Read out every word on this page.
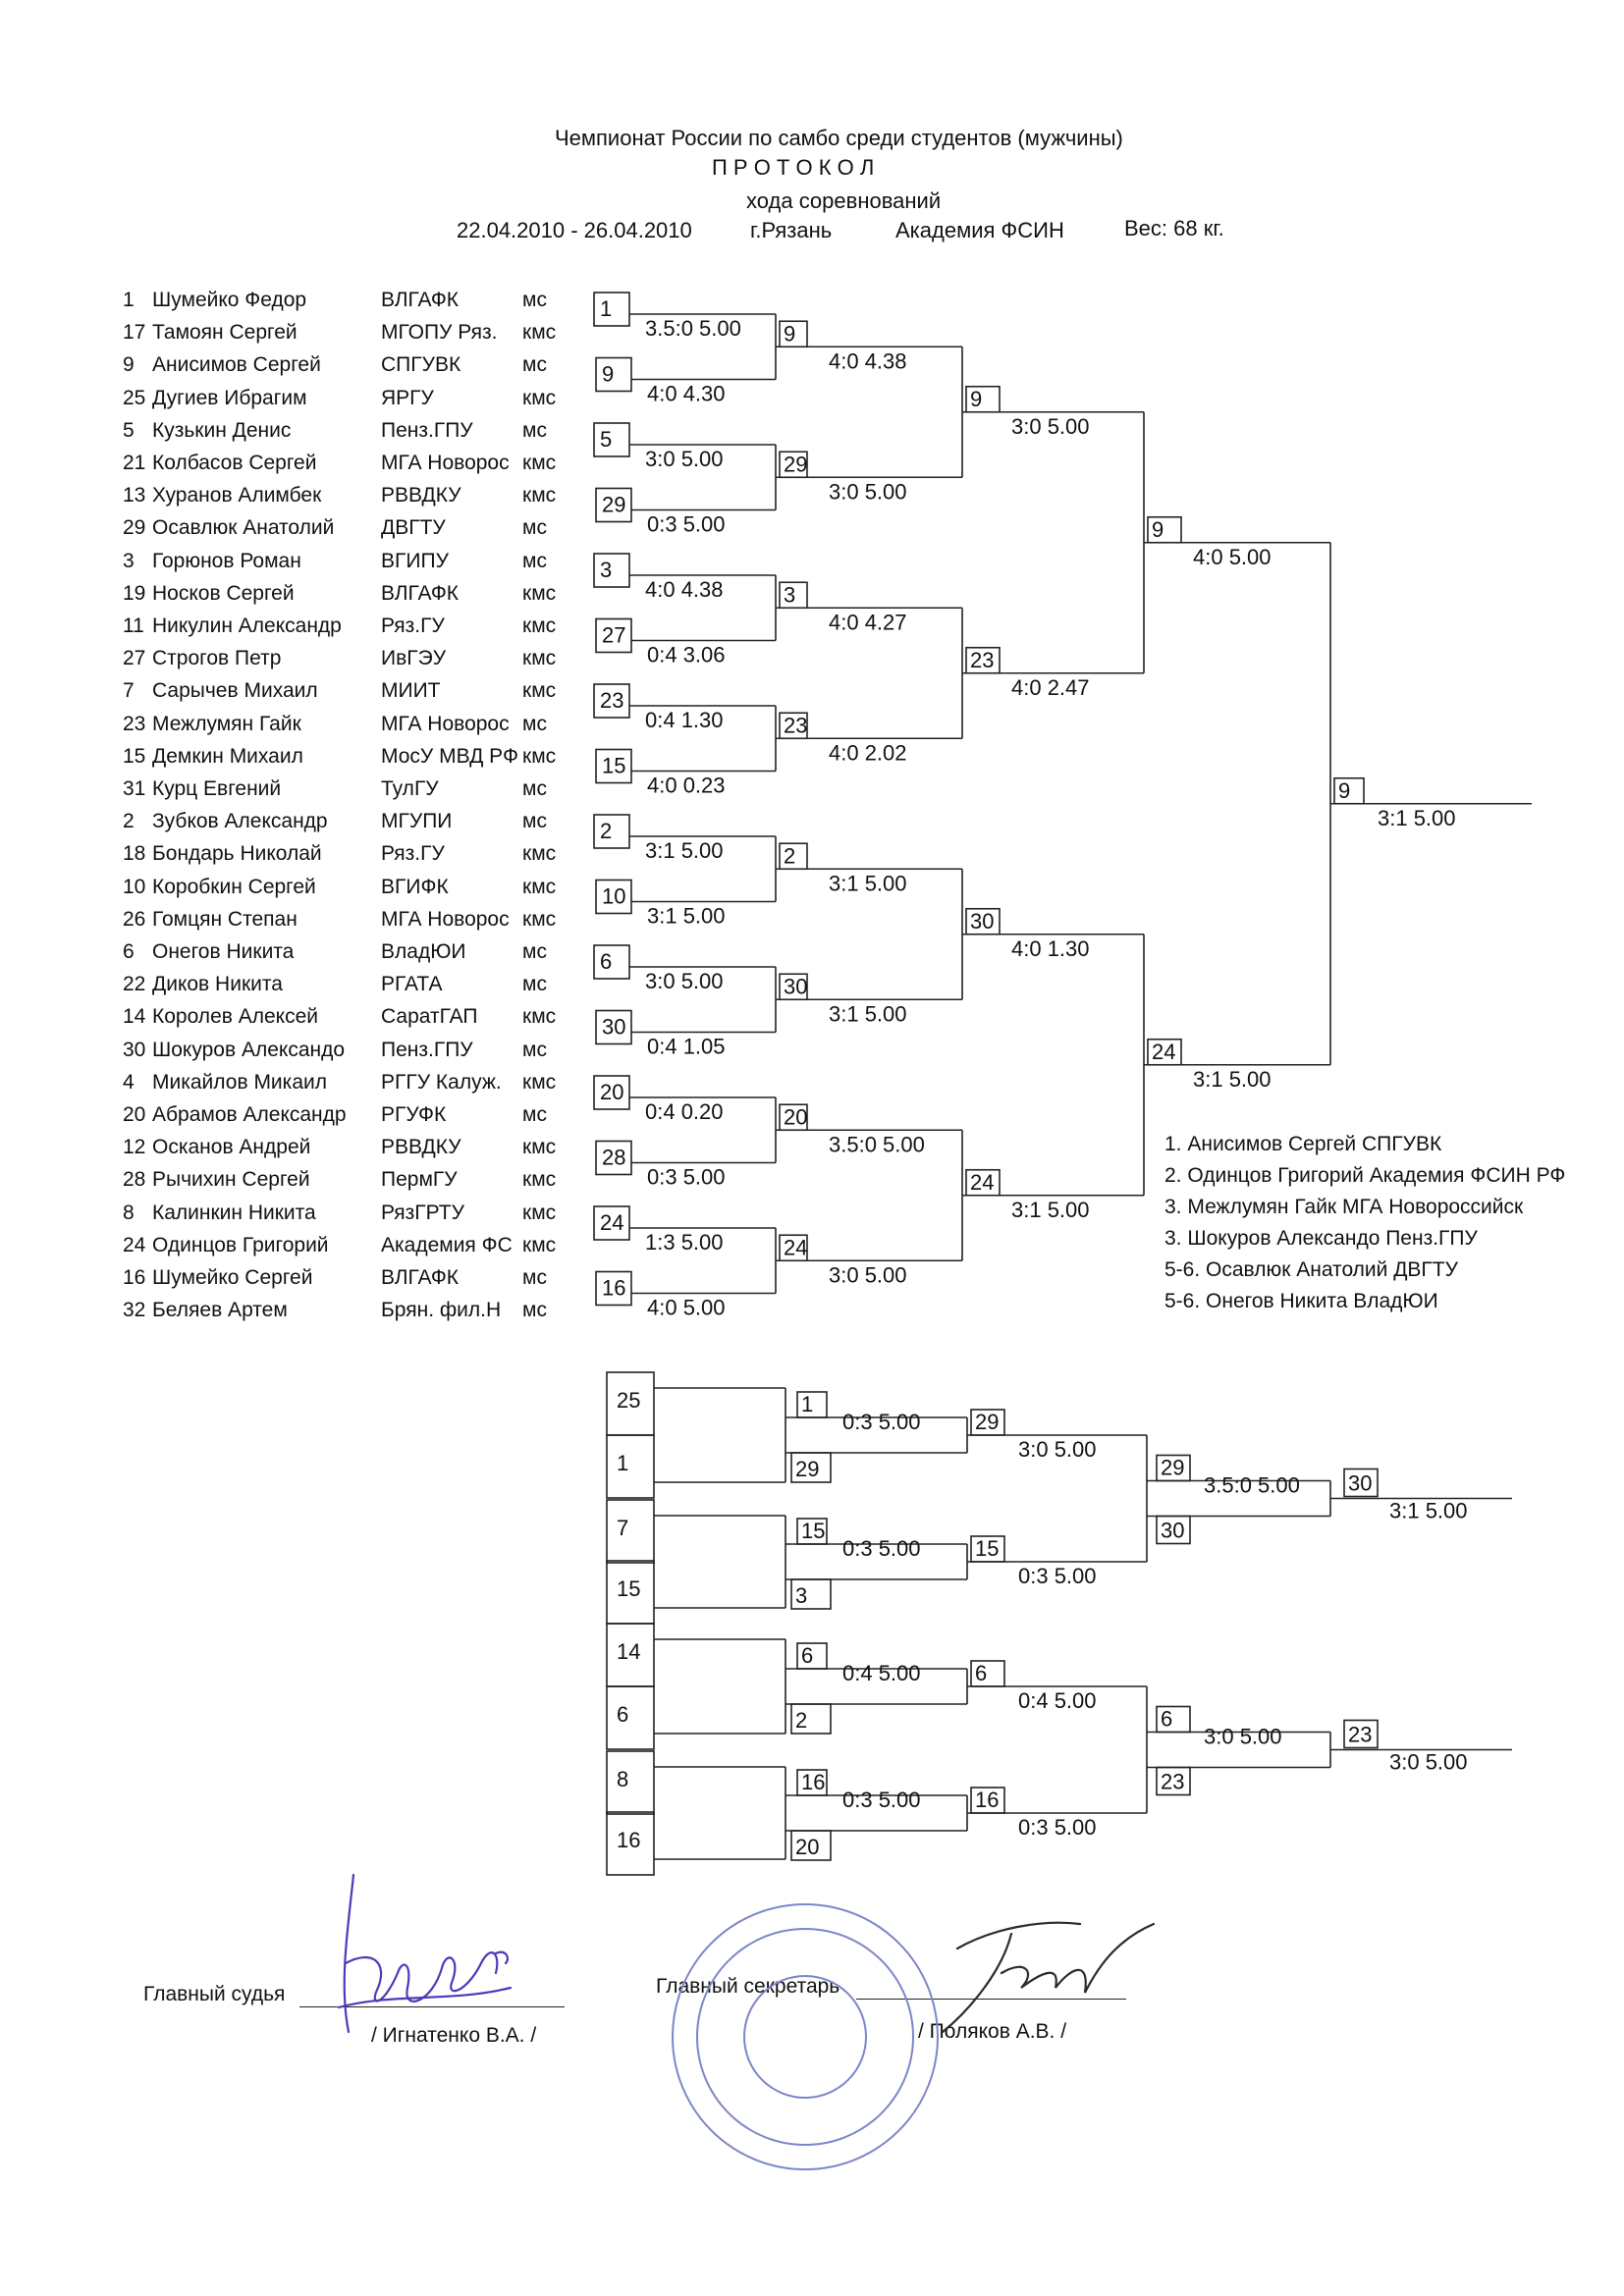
Чемпионат России по самбо среди студентов (мужчины)
П Р О Т О К О Л
хода соревнований
22.04.2010 - 26.04.2010	г.Рязань	Академия ФСИН	Вес: 68 кг.
1 Шумейко Федор	ВЛГАФК	мс
17 Тамоян Сергей	МГОПУ Ряз. кмс
9 Анисимов Сергей	СПГУВК	мс
25 Дугиев Ибрагим	ЯРГУ	кмс
5 Кузькин Денис	Пенз.ГПУ мс
21 Колбасов Сергей	МГА Новорос кмс
13 Хуранов Алимбек	РВВДКУ	кмс
29 Осавлюк Анатолий ДВГТУ	мс
3 Горюнов Роман	ВГИПУ	мс
19 Носков Сергей	ВЛГАФК	кмс
11 Никулин Александр Ряз.ГУ	кмс
27 Строгов Петр	ИвГЭУ	кмс
7 Сарычев Михаил	МИИТ	кмс
23 Межлумян Гайк	МГА Новорос мс
15 Демкин Михаил	МосУ МВД РФ кмс
31 Курц Евгений	ТулГУ	мс
2 Зубков Александр	МГУПИ	мс
18 Бондарь Николай	Ряз.ГУ	кмс
10 Коробкин Сергей	ВГИФК	кмс
26 Гомцян Степан	МГА Новорос кмс
6 Онегов Никита	ВладЮИ	мс
22 Диков Никита	РГАТА	мс
14 Королев Алексей	СаратГАП кмс
30 Шокуров Александо Пенз.ГПУ мс
4 Микайлов Микаил	РГГУ Калуж. кмс
20 Абрамов Александр РГУФК	мс
12 Осканов Андрей	РВВДКУ	кмс
28 Рычихин Сергей	ПермГУ	кмс
8 Калинкин Никита	РязГРТУ	кмс
24 Одинцов Григорий	Академия ФС кмс
16 Шумейко Сергей	ВЛГАФК	мс
32 Беляев Артем	Брян. фил.Н мс
1
3.5:0 5.00
9
4:0 4.30
5
3:0 5.00
29
0:3 5.00
3
4:0 4.38
27
0:4 3.06
23
0:4 1.30
15
4:0 0.23
2
3:1 5.00
10
3:1 5.00
6
3:0 5.00
30
0:4 1.05
20
0:4 0.20
28
0:3 5.00
24
1:3 5.00
16
4:0 5.00
9
4:0 4.38
29
3:0 5.00
3
4:0 4.27
23
4:0 2.02
2
3:1 5.00
30
3:1 5.00
20
3.5:0 5.00
24
3:0 5.00
9
3:0 5.00
23
4:0 2.47
30
4:0 1.30
24
3:1 5.00
9
4:0 5.00
24
3:1 5.00
9
3:1 5.00
1. Анисимов Сергей СПГУВК
2. Одинцов Григорий Академия ФСИН РФ
3. Межлумян Гайк МГА Новороссийск
3. Шокуров Александо Пенз.ГПУ
5-6. Осавлюк Анатолий ДВГТУ
5-6. Онегов Никита ВладЮИ
25
1
7
15
1
29
0:3 5.00
15
3
0:3 5.00
29
3:0 5.00
15
0:3 5.00
29
30
3.5:0 5.00 30
3:1 5.00
14
6
8
16
6
2
0:4 5.00
16
20
0:3 5.00
6
0:4 5.00
16
0:3 5.00
6
23
3:0 5.00	23
3:0 5.00
Главный судья
/ Игнатенко В.А. /
Главный секретарь
/ Поляков А.В. /
